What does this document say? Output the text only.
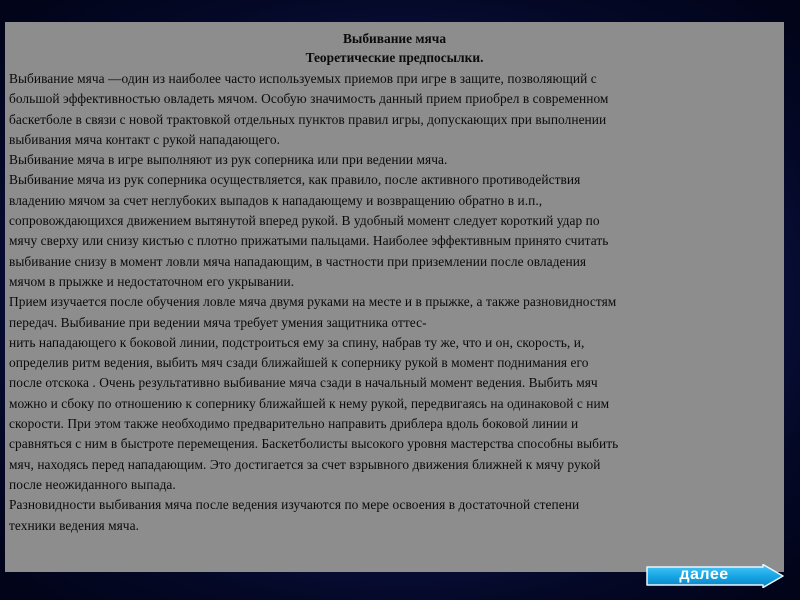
Выбивание мяча

Теоретические предпосылки.

Выбивание мяча —один из наиболее часто используемых приемов при игре в защите, позволяющий с
большой эффективностью овладеть мячом. Особую значимость данный прием приобрел в современном
баскетболе в связи с новой трактовкой отдельных пунктов правил игры, допускающих при выполнении
выбивания мяча контакт с рукой нападающего.

Выбивание мяча в игре выполняют из рук соперника или при ведении мяча.

Выбивание мяча из рук соперника осуществляется, как правило, после активного противодействия
владению мячом за счет неглубоких выпадов к нападающему и возвращению обратно в и.п.,
сопровождающихся движением вытянутой вперед рукой. В удобный момент следует короткий удар по
мячу сверху или снизу кистью с плотно прижатыми пальцами. Наиболее эффективным принято считать
выбивание снизу в момент ловли мяча нападающим, в частности при приземлении после овладения
мячом в прыжке и недостаточном его укрывании.

Прием изучается после обучения ловле мяча двумя руками на месте и в прыжке, а также разновидностям
передач. Выбивание при ведении мяча требует умения защитника оттес-
нить нападающего к боковой линии, подстроиться ему за спину, набрав ту же, что и он, скорость, и,
определив ритм ведения, выбить мяч сзади ближайшей к сопернику рукой в момент поднимания его
после отскока . Очень результативно выбивание мяча сзади в начальный момент ведения. Выбить мяч
можно и сбоку по отношению к сопернику ближайшей к нему рукой, передвигаясь на одинаковой с ним
скорости. При этом также необходимо предварительно направить дриблера вдоль боковой линии и
сравняться с ним в быстроте перемещения. Баскетболисты высокого уровня мастерства способны выбить
мяч, находясь перед нападающим. Это достигается за счет взрывного движения ближней к мячу рукой
после неожиданного выпада.

Разновидности выбивания мяча после ведения изучаются по мере освоения в достаточной степени
техники ведения мяча.

далее
